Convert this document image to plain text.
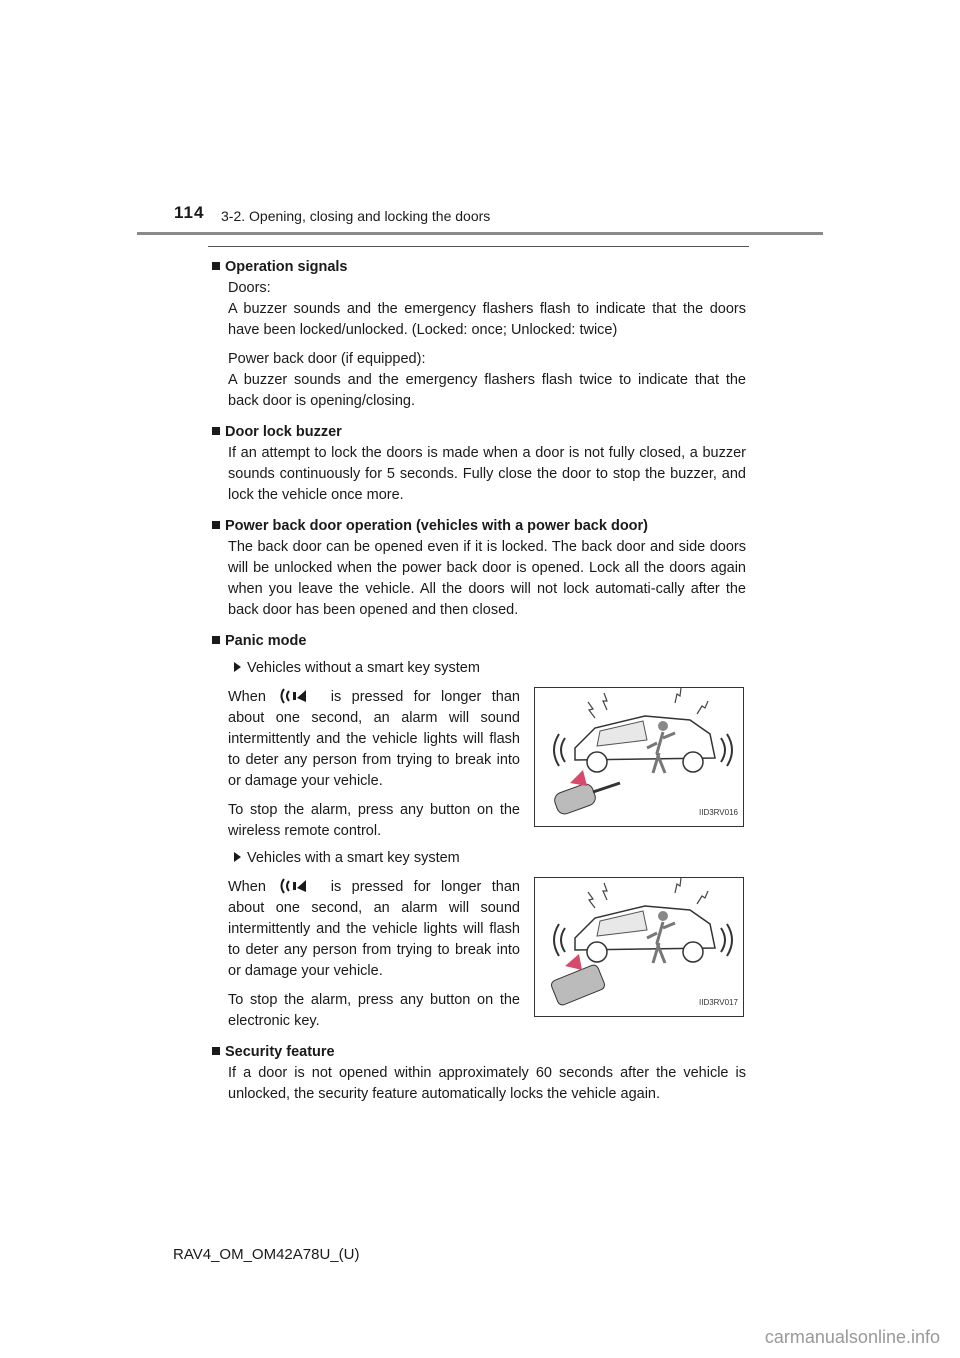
114 3-2. Opening, closing and locking the doors
Operation signals
Doors:
A buzzer sounds and the emergency flashers flash to indicate that the doors have been locked/unlocked. (Locked: once; Unlocked: twice)
Power back door (if equipped):
A buzzer sounds and the emergency flashers flash twice to indicate that the back door is opening/closing.
Door lock buzzer
If an attempt to lock the doors is made when a door is not fully closed, a buzzer sounds continuously for 5 seconds. Fully close the door to stop the buzzer, and lock the vehicle once more.
Power back door operation (vehicles with a power back door)
The back door can be opened even if it is locked. The back door and side doors will be unlocked when the power back door is opened. Lock all the doors again when you leave the vehicle. All the doors will not lock automati-cally after the back door has been opened and then closed.
Panic mode
Vehicles without a smart key system
When	is pressed for longer than about one second, an alarm will sound intermittently and the vehicle lights will flash to deter any person from trying to break into or damage your vehicle.
To stop the alarm, press any button on the wireless remote control.
IID3RV016
Vehicles with a smart key system
When	is pressed for longer than about one second, an alarm will sound intermittently and the vehicle lights will flash to deter any person from trying to break into or damage your vehicle.
To stop the alarm, press any button on the electronic key.
IID3RV017
Security feature
If a door is not opened within approximately 60 seconds after the vehicle is unlocked, the security feature automatically locks the vehicle again.
RAV4_OM_OM42A78U_(U)
carmanualsonline.info
